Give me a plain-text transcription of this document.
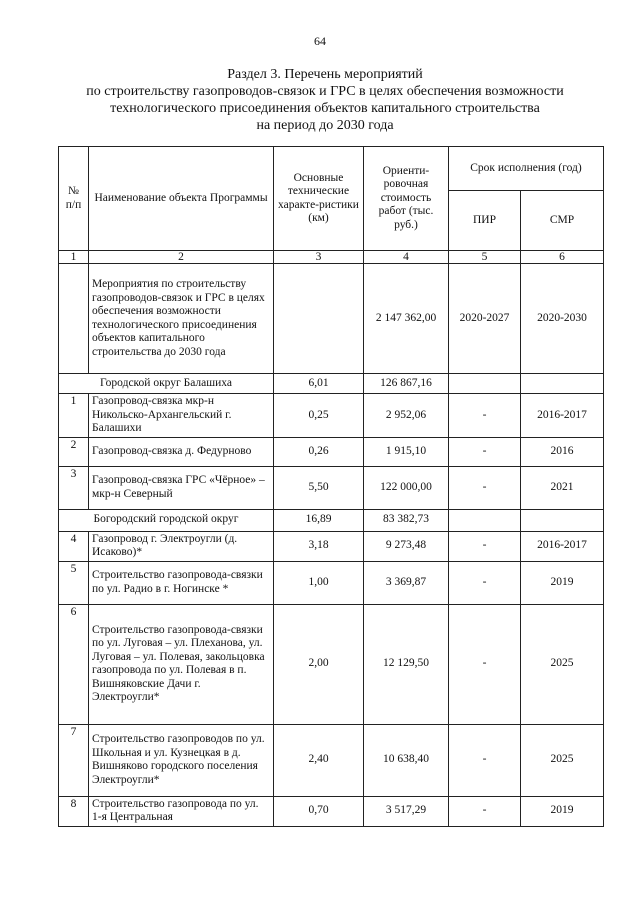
64
Раздел 3. Перечень мероприятий
по строительству газопроводов-связок и ГРС в целях обеспечения возможности
технологического присоединения объектов капитального строительства
на период до 2030 года
№ п/п	Наименование объекта Программы	Основные технические характе-ристики (км)	Ориенти-ровочная стоимость работ (тыс. руб.)	Срок исполнения (год)	
				ПИР	СМР
1	2	3	4	5	6
	Мероприятия по строительству газопроводов-связок и ГРС в целях обеспечения возможности технологического присоединения объектов капитального строительства до 2030 года		2 147 362,00	2020-2027	2020-2030
Городской округ Балашиха		6,01	126 867,16		
1	Газопровод-связка мкр-н Никольско-Архангельский г. Балашихи	0,25	2 952,06	-	2016-2017
2	Газопровод-связка д. Федурново	0,26	1 915,10	-	2016
3	Газопровод-связка ГРС «Чёрное» – мкр-н Северный	5,50	122 000,00	-	2021
Богородский городской округ		16,89	83 382,73		
4	Газопровод г. Электроугли (д. Исаково)*	3,18	9 273,48	-	2016-2017
5	Строительство газопровода-связки по ул. Радио в г. Ногинске *	1,00	3 369,87	-	2019
6	Строительство газопровода-связки по ул. Луговая – ул. Плеханова, ул. Луговая – ул. Полевая, закольцовка газопровода по ул. Полевая в п. Вишняковские Дачи г. Электроугли*	2,00	12 129,50	-	2025
7	Строительство газопроводов по ул. Школьная и ул. Кузнецкая в д. Вишняково городского поселения Электроугли*	2,40	10 638,40	-	2025
8	Строительство газопровода по ул. 1-я Центральная	0,70	3 517,29	-	2019
